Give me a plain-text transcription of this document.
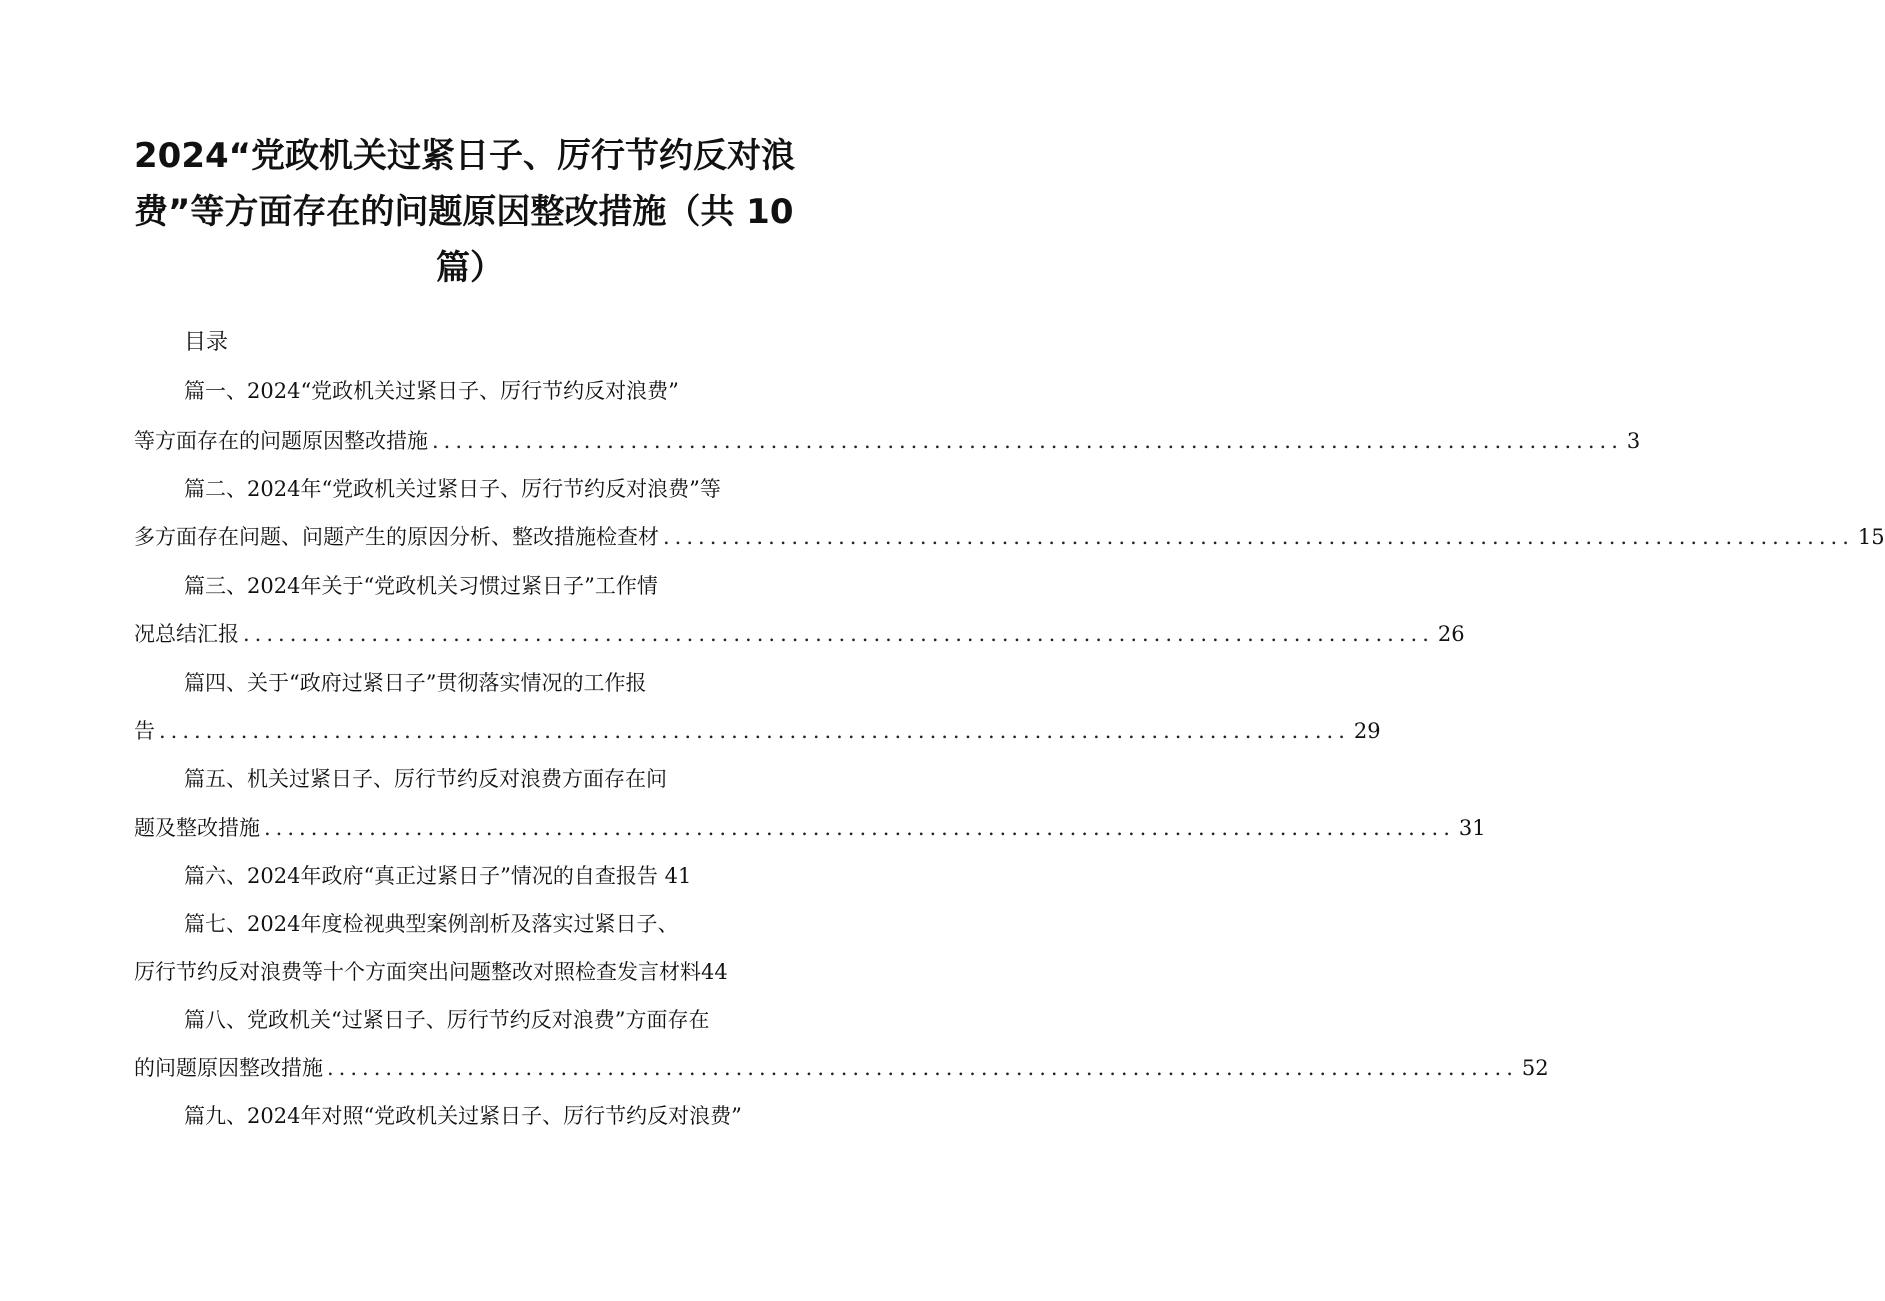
2024“党政机关过紧日子、厉行节约反对浪
费”等方面存在的问题原因整改措施（共 10
篇）
目录
篇一、2024“党政机关过紧日子、厉行节约反对浪费”
等方面存在的问题原因整改措施 ...................................................................................................... 3
篇二、2024年“党政机关过紧日子、厉行节约反对浪费”等
多方面存在问题、问题产生的原因分析、整改措施检查材 ...................................................................................................... 15
篇三、2024年关于“党政机关习惯过紧日子”工作情
况总结汇报 ...................................................................................................... 26
篇四、关于“政府过紧日子”贯彻落实情况的工作报
告 ...................................................................................................... 29
篇五、机关过紧日子、厉行节约反对浪费方面存在问
题及整改措施 ...................................................................................................... 31
篇六、2024年政府“真正过紧日子”情况的自查报告 41
篇七、2024年度检视典型案例剖析及落实过紧日子、
厉行节约反对浪费等十个方面突出问题整改对照检查发言材料44
篇八、党政机关“过紧日子、厉行节约反对浪费”方面存在
的问题原因整改措施 ...................................................................................................... 52
篇九、2024年对照“党政机关过紧日子、厉行节约反对浪费”
